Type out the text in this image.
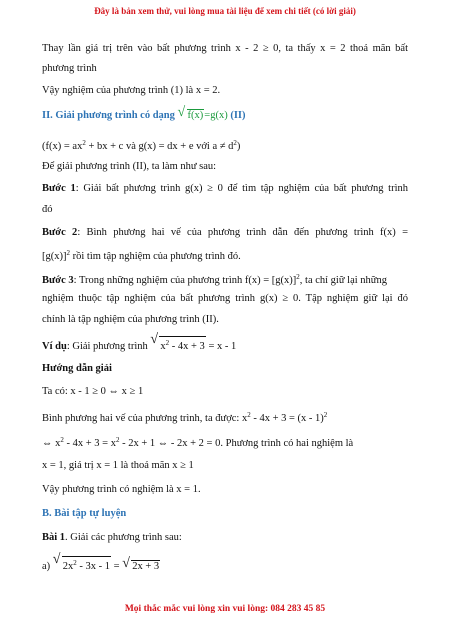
Đây là bản xem thử, vui lòng mua tài liệu để xem chi tiết (có lời giải)
Thay lần giá trị trên vào bất phương trình x - 2 ≥ 0, ta thấy x = 2 thoả mãn bất
phương trình
Vậy nghiệm của phương trình (1) là x = 2.
II. Giải phương trình có dạng √ f(x)=g(x) (II)
($f(x) = ax^2$ + bx + c và g(x) = dx + e với $a \ne d^2$)
Để giải phương trình (II), ta làm như sau:
Bước 1: Giải bất phương trình g(x) ≥ 0 để tìm tập nghiệm của bất phương trình
đó
Bước 2: Bình phương hai vế của phương trình dẫn đến phương trình f(x) =
$[g(x)]^2$ rồi tìm tập nghiệm của phương trình đó.
Bước 3: Trong những nghiệm của phương trình $f(x) = [g(x)]^2$, ta chỉ giữ lại những
nghiệm thuộc tập nghiệm của bất phương trình g(x) ≥ 0. Tập nghiệm giữ lại đó
chính là tập nghiệm của phương trình (II).
Ví dụ: Giải phương trình √ $x^2 - 4x + 3 = x - 1$
Hướng dẫn giải
Ta có: x - 1 ≥ 0 ⇔ x ≥ 1
Bình phương hai vế của phương trình, ta được: $x^2 - 4x + 3 = (x - 1)^2$
⇔ $x^2 - 4x + 3 = x^2 - 2x + 1$ ⇔ - 2x + 2 = 0. Phương trình có hai nghiệm là
x = 1, giá trị x = 1 là thoả mãn x ≥ 1
Vậy phương trình có nghiệm là x = 1.
B. Bài tập tự luyện
Bài 1. Giải các phương trình sau:
a) √ $2x^2 - 3x - 1$ = √ 2x + 3
Mọi thắc mắc vui lòng xin vui lòng: 084 283 45 85
